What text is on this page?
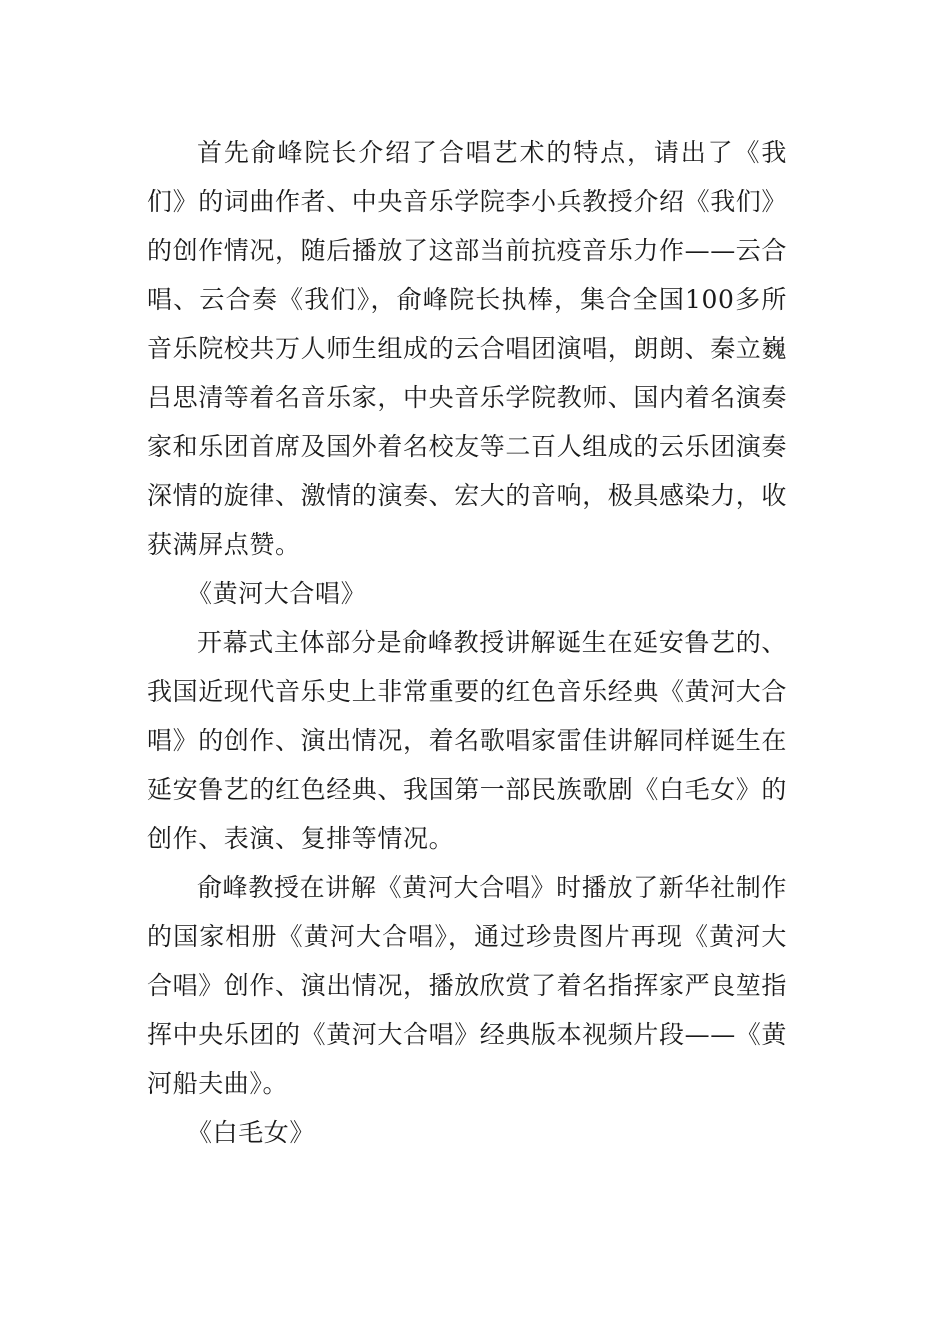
首先俞峰院长介绍了合唱艺术的特点，请出了《我们》的词曲作者、中央音乐学院李小兵教授介绍《我们》的创作情况，随后播放了这部当前抗疫音乐力作——云合唱、云合奏《我们》，俞峰院长执棒，集合全国100多所音乐院校共万人师生组成的云合唱团演唱，朗朗、秦立巍吕思清等着名音乐家，中央音乐学院教师、国内着名演奏家和乐团首席及国外着名校友等二百人组成的云乐团演奏深情的旋律、激情的演奏、宏大的音响，极具感染力，收获满屏点赞。

《黄河大合唱》

开幕式主体部分是俞峰教授讲解诞生在延安鲁艺的、我国近现代音乐史上非常重要的红色音乐经典《黄河大合唱》的创作、演出情况，着名歌唱家雷佳讲解同样诞生在延安鲁艺的红色经典、我国第一部民族歌剧《白毛女》的创作、表演、复排等情况。

俞峰教授在讲解《黄河大合唱》时播放了新华社制作的国家相册《黄河大合唱》，通过珍贵图片再现《黄河大合唱》创作、演出情况，播放欣赏了着名指挥家严良堃指挥中央乐团的《黄河大合唱》经典版本视频片段——《黄河船夫曲》。

《白毛女》
